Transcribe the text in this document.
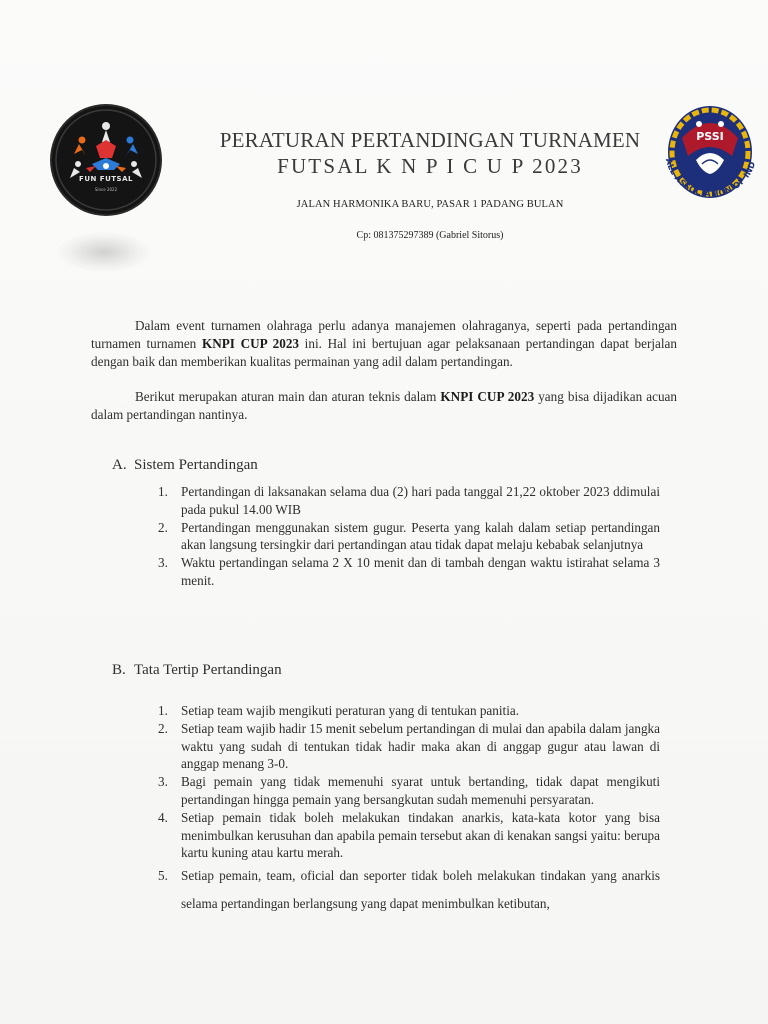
FUN FUTSAL
Since 2022
PSSI
ALL ASSOCIATION OF IND
PERATURAN PERTANDINGAN TURNAMEN
FUTSAL K N P I C U P 2023
JALAN HARMONIKA BARU, PASAR 1 PADANG BULAN
Cp: 081375297389 (Gabriel Sitorus)
Dalam event turnamen olahraga perlu adanya manajemen olahraganya, seperti pada pertandingan turnamen turnamen KNPI CUP 2023 ini. Hal ini bertujuan agar pelaksanaan pertandingan dapat berjalan dengan baik dan memberikan kualitas permainan yang adil dalam pertandingan.
Berikut merupakan aturan main dan aturan teknis dalam KNPI CUP 2023 yang bisa dijadikan acuan dalam pertandingan nantinya.
A. Sistem Pertandingan
1. Pertandingan di laksanakan selama dua (2) hari pada tanggal 21,22 oktober 2023 ddimulai pada pukul 14.00 WIB
2. Pertandingan menggunakan sistem gugur. Peserta yang kalah dalam setiap pertandingan akan langsung tersingkir dari pertandingan atau tidak dapat melaju kebabak selanjutnya
3. Waktu pertandingan selama 2 X 10 menit dan di tambah dengan waktu istirahat selama 3 menit.
B. Tata Tertip Pertandingan
1. Setiap team wajib mengikuti peraturan yang di tentukan panitia.
2. Setiap team wajib hadir 15 menit sebelum pertandingan di mulai dan apabila dalam jangka waktu yang sudah di tentukan tidak hadir maka akan di anggap gugur atau lawan di anggap menang 3-0.
3. Bagi pemain yang tidak memenuhi syarat untuk bertanding, tidak dapat mengikuti pertandingan hingga pemain yang bersangkutan sudah memenuhi persyaratan.
4. Setiap pemain tidak boleh melakukan tindakan anarkis, kata-kata kotor yang bisa menimbulkan kerusuhan dan apabila pemain tersebut akan di kenakan sangsi yaitu: berupa kartu kuning atau kartu merah.
5. Setiap pemain, team, oficial dan seporter tidak boleh melakukan tindakan yang anarkis selama pertandingan berlangsung yang dapat menimbulkan ketibutan,
